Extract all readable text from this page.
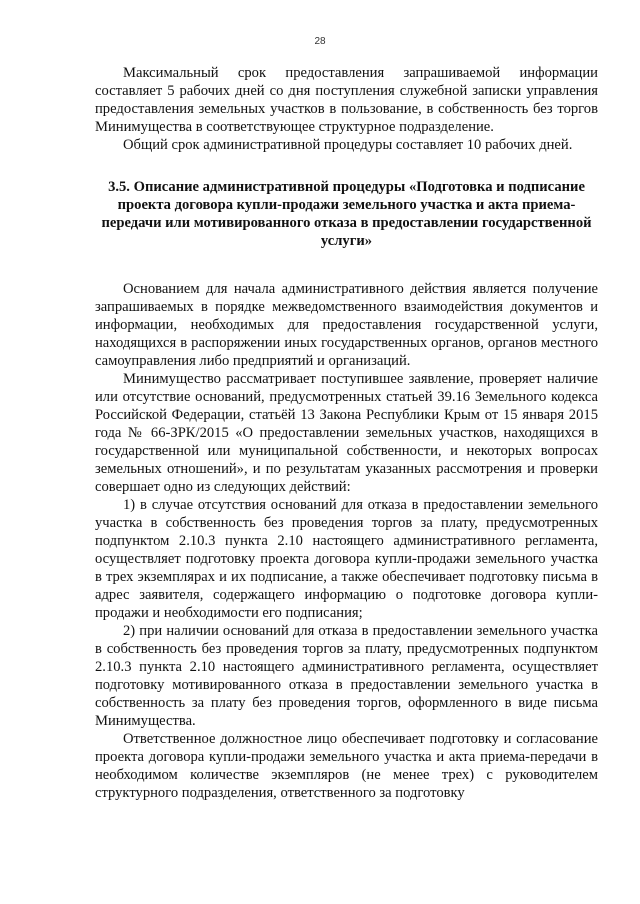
28

Максимальный срок предоставления запрашиваемой информации составляет 5 рабочих дней со дня поступления служебной записки управления предоставления земельных участков в пользование, в собственность без торгов Минимущества в соответствующее структурное подразделение.

Общий срок административной процедуры составляет 10 рабочих дней.

3.5. Описание административной процедуры «Подготовка и подписание проекта договора купли-продажи земельного участка и акта приема-передачи или мотивированного отказа в предоставлении государственной услуги»

Основанием для начала административного действия является получение запрашиваемых в порядке межведомственного взаимодействия документов и информации, необходимых для предоставления государственной услуги, находящихся в распоряжении иных государственных органов, органов местного самоуправления либо предприятий и организаций.

Минимущество рассматривает поступившее заявление, проверяет наличие или отсутствие оснований, предусмотренных статьей 39.16 Земельного кодекса Российской Федерации, статьёй 13 Закона Республики Крым от 15 января 2015 года № 66-ЗРК/2015 «О предоставлении земельных участков, находящихся в государственной или муниципальной собственности, и некоторых вопросах земельных отношений», и по результатам указанных рассмотрения и проверки совершает одно из следующих действий:

1) в случае отсутствия оснований для отказа в предоставлении земельного участка в собственность без проведения торгов за плату, предусмотренных подпунктом 2.10.3 пункта 2.10 настоящего административного регламента, осуществляет подготовку проекта договора купли-продажи земельного участка в трех экземплярах и их подписание, а также обеспечивает подготовку письма в адрес заявителя, содержащего информацию о подготовке договора купли-продажи и необходимости его подписания;

2) при наличии оснований для отказа в предоставлении земельного участка в собственность без проведения торгов за плату, предусмотренных подпунктом 2.10.3 пункта 2.10 настоящего административного регламента, осуществляет подготовку мотивированного отказа в предоставлении земельного участка в собственность за плату без проведения торгов, оформленного в виде письма Минимущества.

Ответственное должностное лицо обеспечивает подготовку и согласование проекта договора купли-продажи земельного участка и акта приема-передачи в необходимом количестве экземпляров (не менее трех) с руководителем структурного подразделения, ответственного за подготовку
